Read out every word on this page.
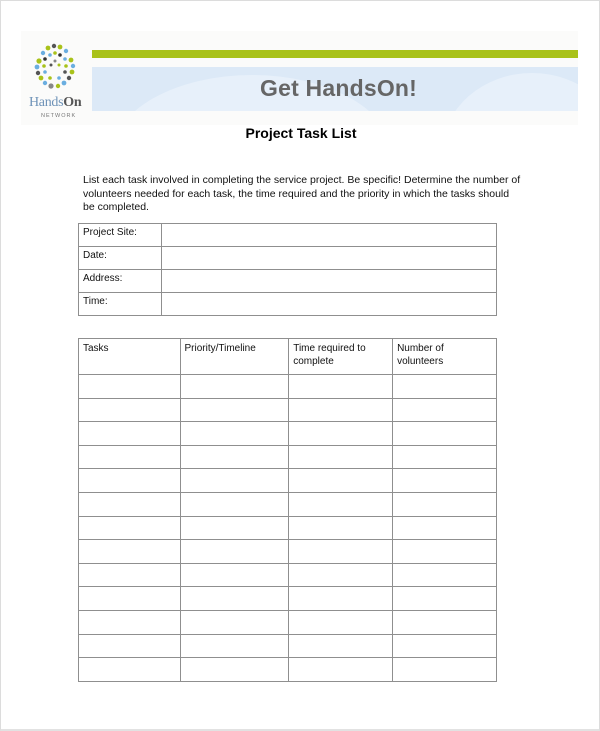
HandsOn
NETWORK
Get HandsOn!
Project Task List
List each task involved in completing the service project. Be specific! Determine the number of volunteers needed for each task, the time required and the priority in which the tasks should be completed.
Project Site:	
Date:	
Address:	
Time:	
Tasks	Priority/Timeline	Time required to complete	Number of volunteers
